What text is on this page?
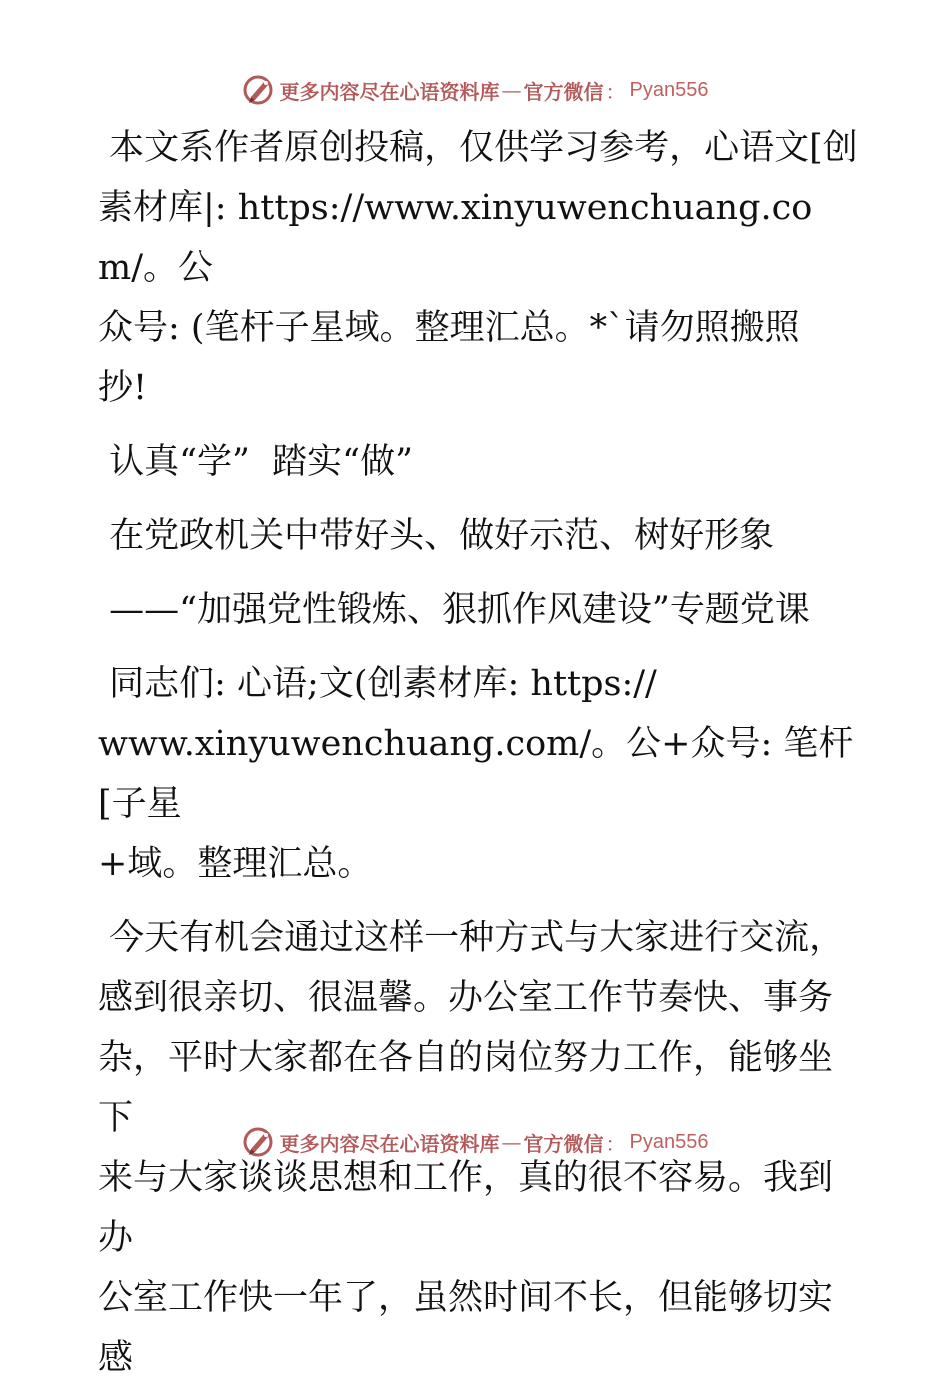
更多内容尽在心语资料库 — 官方微信 ： Pyan556

本文系作者原创投稿，仅供学习参考，心语文[创

素材库|: https://www.xinyuwenchuang.com/。公

众号: (笔杆子星域。整理汇总。*`请勿照搬照

抄!

认真“学”  踏实“做”

在党政机关中带好头、做好示范、树好形象

——“加强党性锻炼、狠抓作风建设”专题党课

同志们: 心语;文(创素材库: https://

www.xinyuwenchuang.com/。公+众号: 笔杆[子星

+域。整理汇总。

今天有机会通过这样一种方式与大家进行交流，

感到很亲切、很温馨。办公室工作节奏快、事务

杂，平时大家都在各自的岗位努力工作，能够坐下

来与大家谈谈思想和工作，真的很不容易。我到办

公室工作快一年了，虽然时间不长，但能够切实感

更多内容尽在心语资料库 — 官方微信 ： Pyan556
